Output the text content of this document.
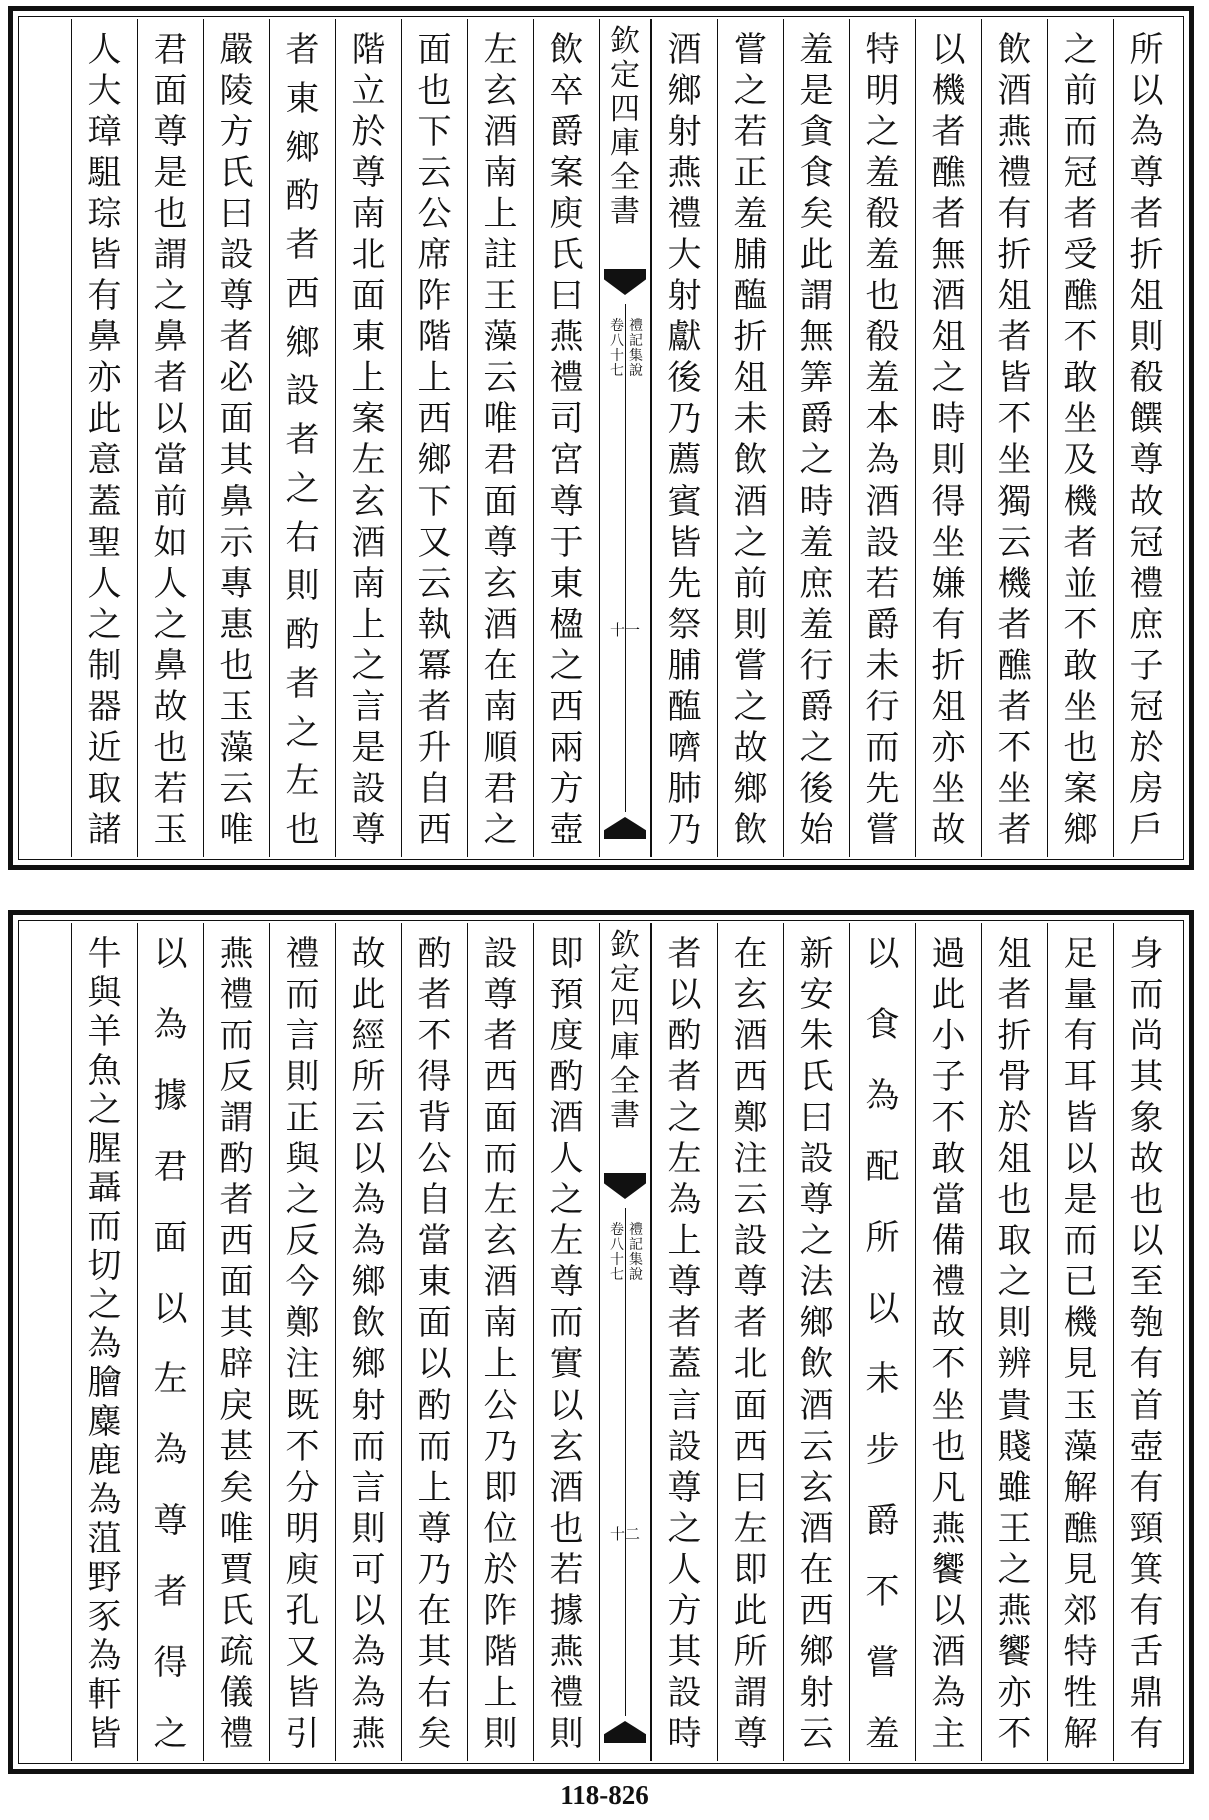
所
以
為
尊
者
折
俎
則
殽
饌
尊
故
冠
禮
庶
子
冠
於
房
戶
之
前
而
冠
者
受
醮
不
敢
坐
及
機
者
並
不
敢
坐
也
案
鄉
飲
酒
燕
禮
有
折
俎
者
皆
不
坐
獨
云
機
者
醮
者
不
坐
者
以
機
者
醮
者
無
酒
俎
之
時
則
得
坐
嫌
有
折
俎
亦
坐
故
特
明
之
羞
殽
羞
也
殽
羞
本
為
酒
設
若
爵
未
行
而
先
嘗
羞
是
貪
食
矣
此
謂
無
筭
爵
之
時
羞
庶
羞
行
爵
之
後
始
嘗
之
若
正
羞
脯
醢
折
俎
未
飲
酒
之
前
則
嘗
之
故
鄉
飲
酒
鄉
射
燕
禮
大
射
獻
後
乃
薦
賓
皆
先
祭
脯
醢
嚌
肺
乃
欽
定
四
庫
全
書
禮
記
集
說
卷
八
十
七
十一
飲
卒
爵
案
庾
氏
曰
燕
禮
司
宮
尊
于
東
楹
之
西
兩
方
壺
左
玄
酒
南
上
註
王
藻
云
唯
君
面
尊
玄
酒
在
南
順
君
之
面
也
下
云
公
席
阼
階
上
西
鄉
下
又
云
執
冪
者
升
自
西
階
立
於
尊
南
北
面
東
上
案
左
玄
酒
南
上
之
言
是
設
尊
者
東
鄉
酌
者
西
鄉
設
者
之
右
則
酌
者
之
左
也
嚴
陵
方
氏
曰
設
尊
者
必
面
其
鼻
示
專
惠
也
玉
藻
云
唯
君
面
尊
是
也
謂
之
鼻
者
以
當
前
如
人
之
鼻
故
也
若
玉
人
大
璋
駔
琮
皆
有
鼻
亦
此
意
蓋
聖
人
之
制
器
近
取
諸
身
而
尚
其
象
故
也
以
至
匏
有
首
壺
有
頸
箕
有
舌
鼎
有
足
量
有
耳
皆
以
是
而
已
機
見
玉
藻
解
醮
見
郊
特
牲
解
俎
者
折
骨
於
俎
也
取
之
則
辨
貴
賤
雖
王
之
燕
饗
亦
不
過
此
小
子
不
敢
當
備
禮
故
不
坐
也
凡
燕
饗
以
酒
為
主
以
食
為
配
所
以
未
步
爵
不
嘗
羞
新
安
朱
氏
曰
設
尊
之
法
鄉
飲
酒
云
玄
酒
在
西
鄉
射
云
在
玄
酒
西
鄭
注
云
設
尊
者
北
面
西
曰
左
即
此
所
謂
尊
者
以
酌
者
之
左
為
上
尊
者
蓋
言
設
尊
之
人
方
其
設
時
欽
定
四
庫
全
書
禮
記
集
說
卷
八
十
七
十二
即
預
度
酌
酒
人
之
左
尊
而
實
以
玄
酒
也
若
據
燕
禮
則
設
尊
者
西
面
而
左
玄
酒
南
上
公
乃
即
位
於
阼
階
上
則
酌
者
不
得
背
公
自
當
東
面
以
酌
而
上
尊
乃
在
其
右
矣
故
此
經
所
云
以
為
為
鄉
飲
鄉
射
而
言
則
可
以
為
為
燕
禮
而
言
則
正
與
之
反
今
鄭
注
既
不
分
明
庾
孔
又
皆
引
燕
禮
而
反
謂
酌
者
西
面
其
辟
戾
甚
矣
唯
賈
氏
疏
儀
禮
以
為
據
君
面
以
左
為
尊
者
得
之
牛
與
羊
魚
之
腥
聶
而
切
之
為
膾
麋
鹿
為
菹
野
豕
為
軒
皆
118-826
